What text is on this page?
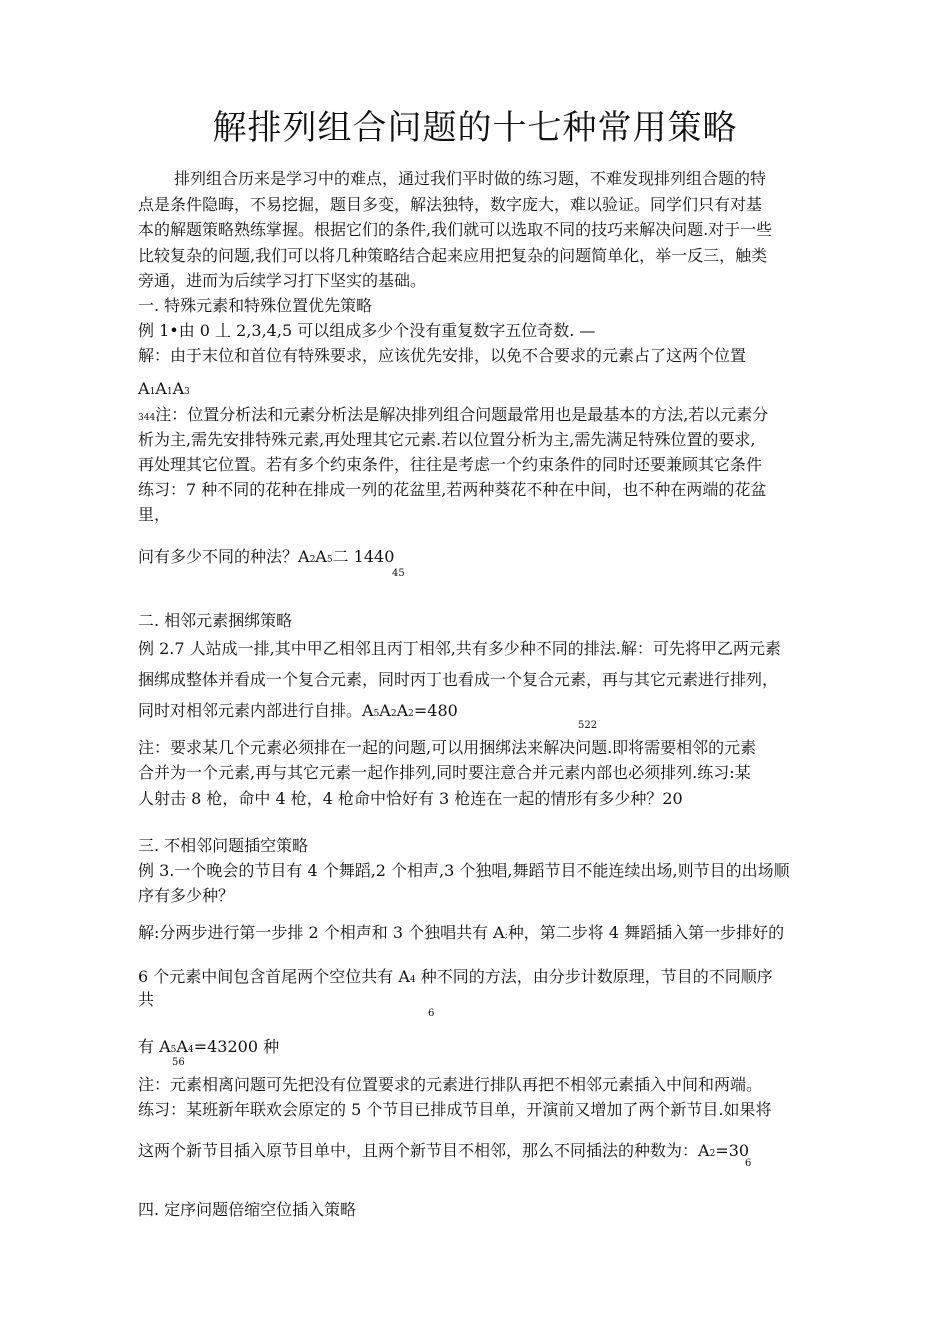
解排列组合问题的十七种常用策略
排列组合历来是学习中的难点，通过我们平时做的练习题，不难发现排列组合题的特
点是条件隐晦，不易挖掘，题目多变，解法独特，数字庞大，难以验证。同学们只有对基
本的解题策略熟练掌握。根据它们的条件,我们就可以选取不同的技巧来解决问题.对于一些
比较复杂的问题,我们可以将几种策略结合起来应用把复杂的问题简单化，举一反三，触类
旁通，进而为后续学习打下坚实的基础。
一. 特殊元素和特殊位置优先策略
例 1•由 0 丄 2,3,4,5 可以组成多少个没有重复数字五位奇数. —
解：由于末位和首位有特殊要求，应该优先安排，以免不合要求的元素占了这两个位置
A1A1A3
344注：位置分析法和元素分析法是解决排列组合问题最常用也是最基本的方法,若以元素分
析为主,需先安排特殊元素,再处理其它元素.若以位置分析为主,需先满足特殊位置的要求,
再处理其它位置。若有多个约束条件，往往是考虑一个约束条件的同时还要兼顾其它条件
练习：7 种不同的花种在排成一列的花盆里,若两种葵花不种在中间，也不种在两端的花盆
里，
问有多少不同的种法？A2A5二 1440
45
二. 相邻元素捆绑策略
例 2.7 人站成一排,其中甲乙相邻且丙丁相邻,共有多少种不同的排法.解：可先将甲乙两元素
捆绑成整体并看成一个复合元素，同时丙丁也看成一个复合元素，再与其它元素进行排列，
同时对相邻元素内部进行自排。A5A2A2=480
522
注：要求某几个元素必须排在一起的问题,可以用捆绑法来解决问题.即将需要相邻的元素
合并为一个元素,再与其它元素一起作排列,同时要注意合并元素内部也必须排列.练习:某
人射击 8 枪，命中 4 枪，4 枪命中恰好有 3 枪连在一起的情形有多少种？20
三. 不相邻问题插空策略
例 3.一个晚会的节目有 4 个舞蹈,2 个相声,3 个独唱,舞蹈节目不能连续出场,则节目的出场顺
序有多少种？
解:分两步进行第一步排 2 个相声和 3 个独唱共有 A;种，第二步将 4 舞蹈插入第一步排好的
6 个元素中间包含首尾两个空位共有 A4 种不同的方法，由分步计数原理，节目的不同顺序
共
6
有 A5A4=43200 种
56
注：元素相离问题可先把没有位置要求的元素进行排队再把不相邻元素插入中间和两端。
练习：某班新年联欢会原定的 5 个节目已排成节目单，开演前又增加了两个新节目.如果将
这两个新节目插入原节目单中，且两个新节目不相邻，那么不同插法的种数为：A2=30
6
四. 定序问题倍缩空位插入策略
